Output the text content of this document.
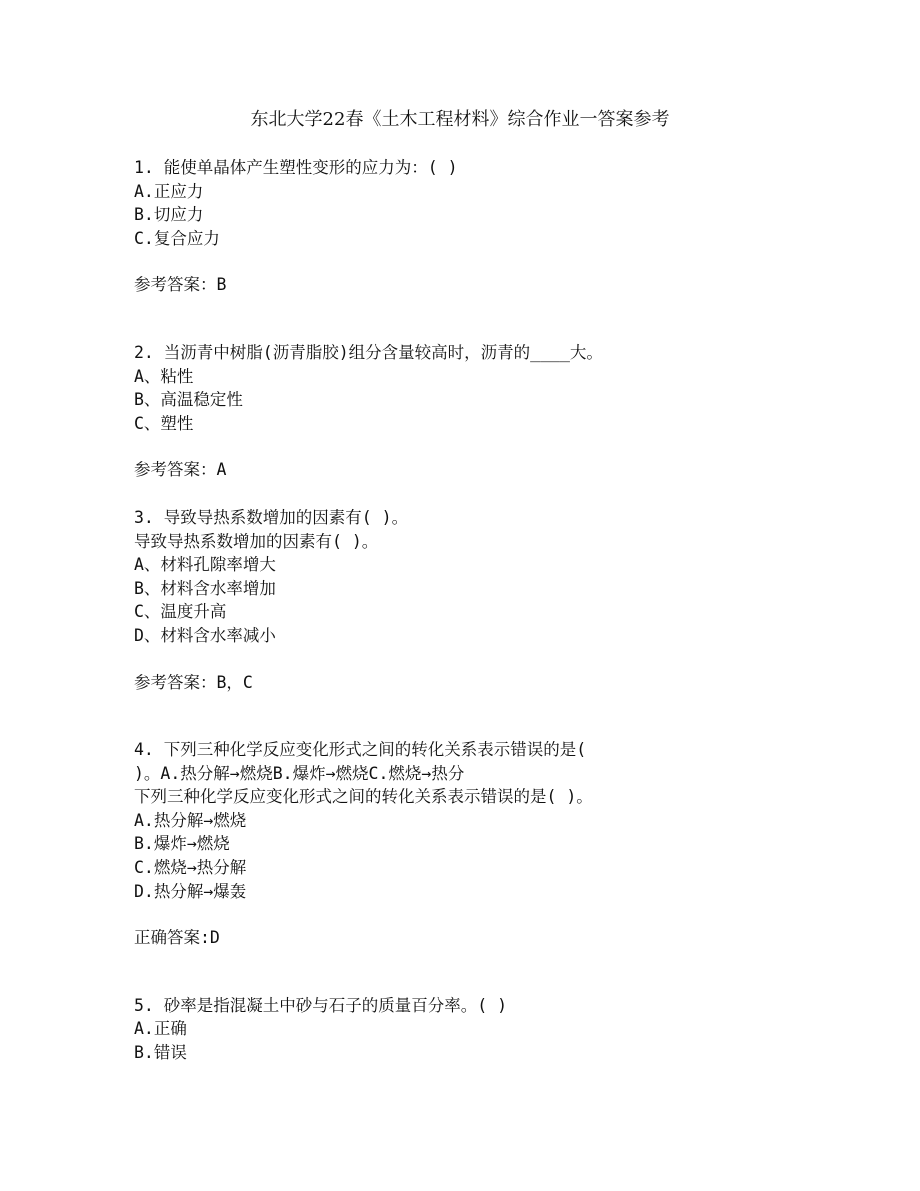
东北大学22春《土木工程材料》综合作业一答案参考
1. 能使单晶体产生塑性变形的应力为：( )
A.正应力
B.切应力
C.复合应力
参考答案：B
2. 当沥青中树脂(沥青脂胶)组分含量较高时，沥青的____大。
A、粘性
B、高温稳定性
C、塑性
参考答案：A
3. 导致导热系数增加的因素有( )。
导致导热系数增加的因素有( )。
A、材料孔隙率增大
B、材料含水率增加
C、温度升高
D、材料含水率减小
参考答案：B，C
4. 下列三种化学反应变化形式之间的转化关系表示错误的是(
)。A.热分解→燃烧B.爆炸→燃烧C.燃烧→热分
下列三种化学反应变化形式之间的转化关系表示错误的是( )。
A.热分解→燃烧
B.爆炸→燃烧
C.燃烧→热分解
D.热分解→爆轰
正确答案:D
5. 砂率是指混凝土中砂与石子的质量百分率。( )
A.正确
B.错误
